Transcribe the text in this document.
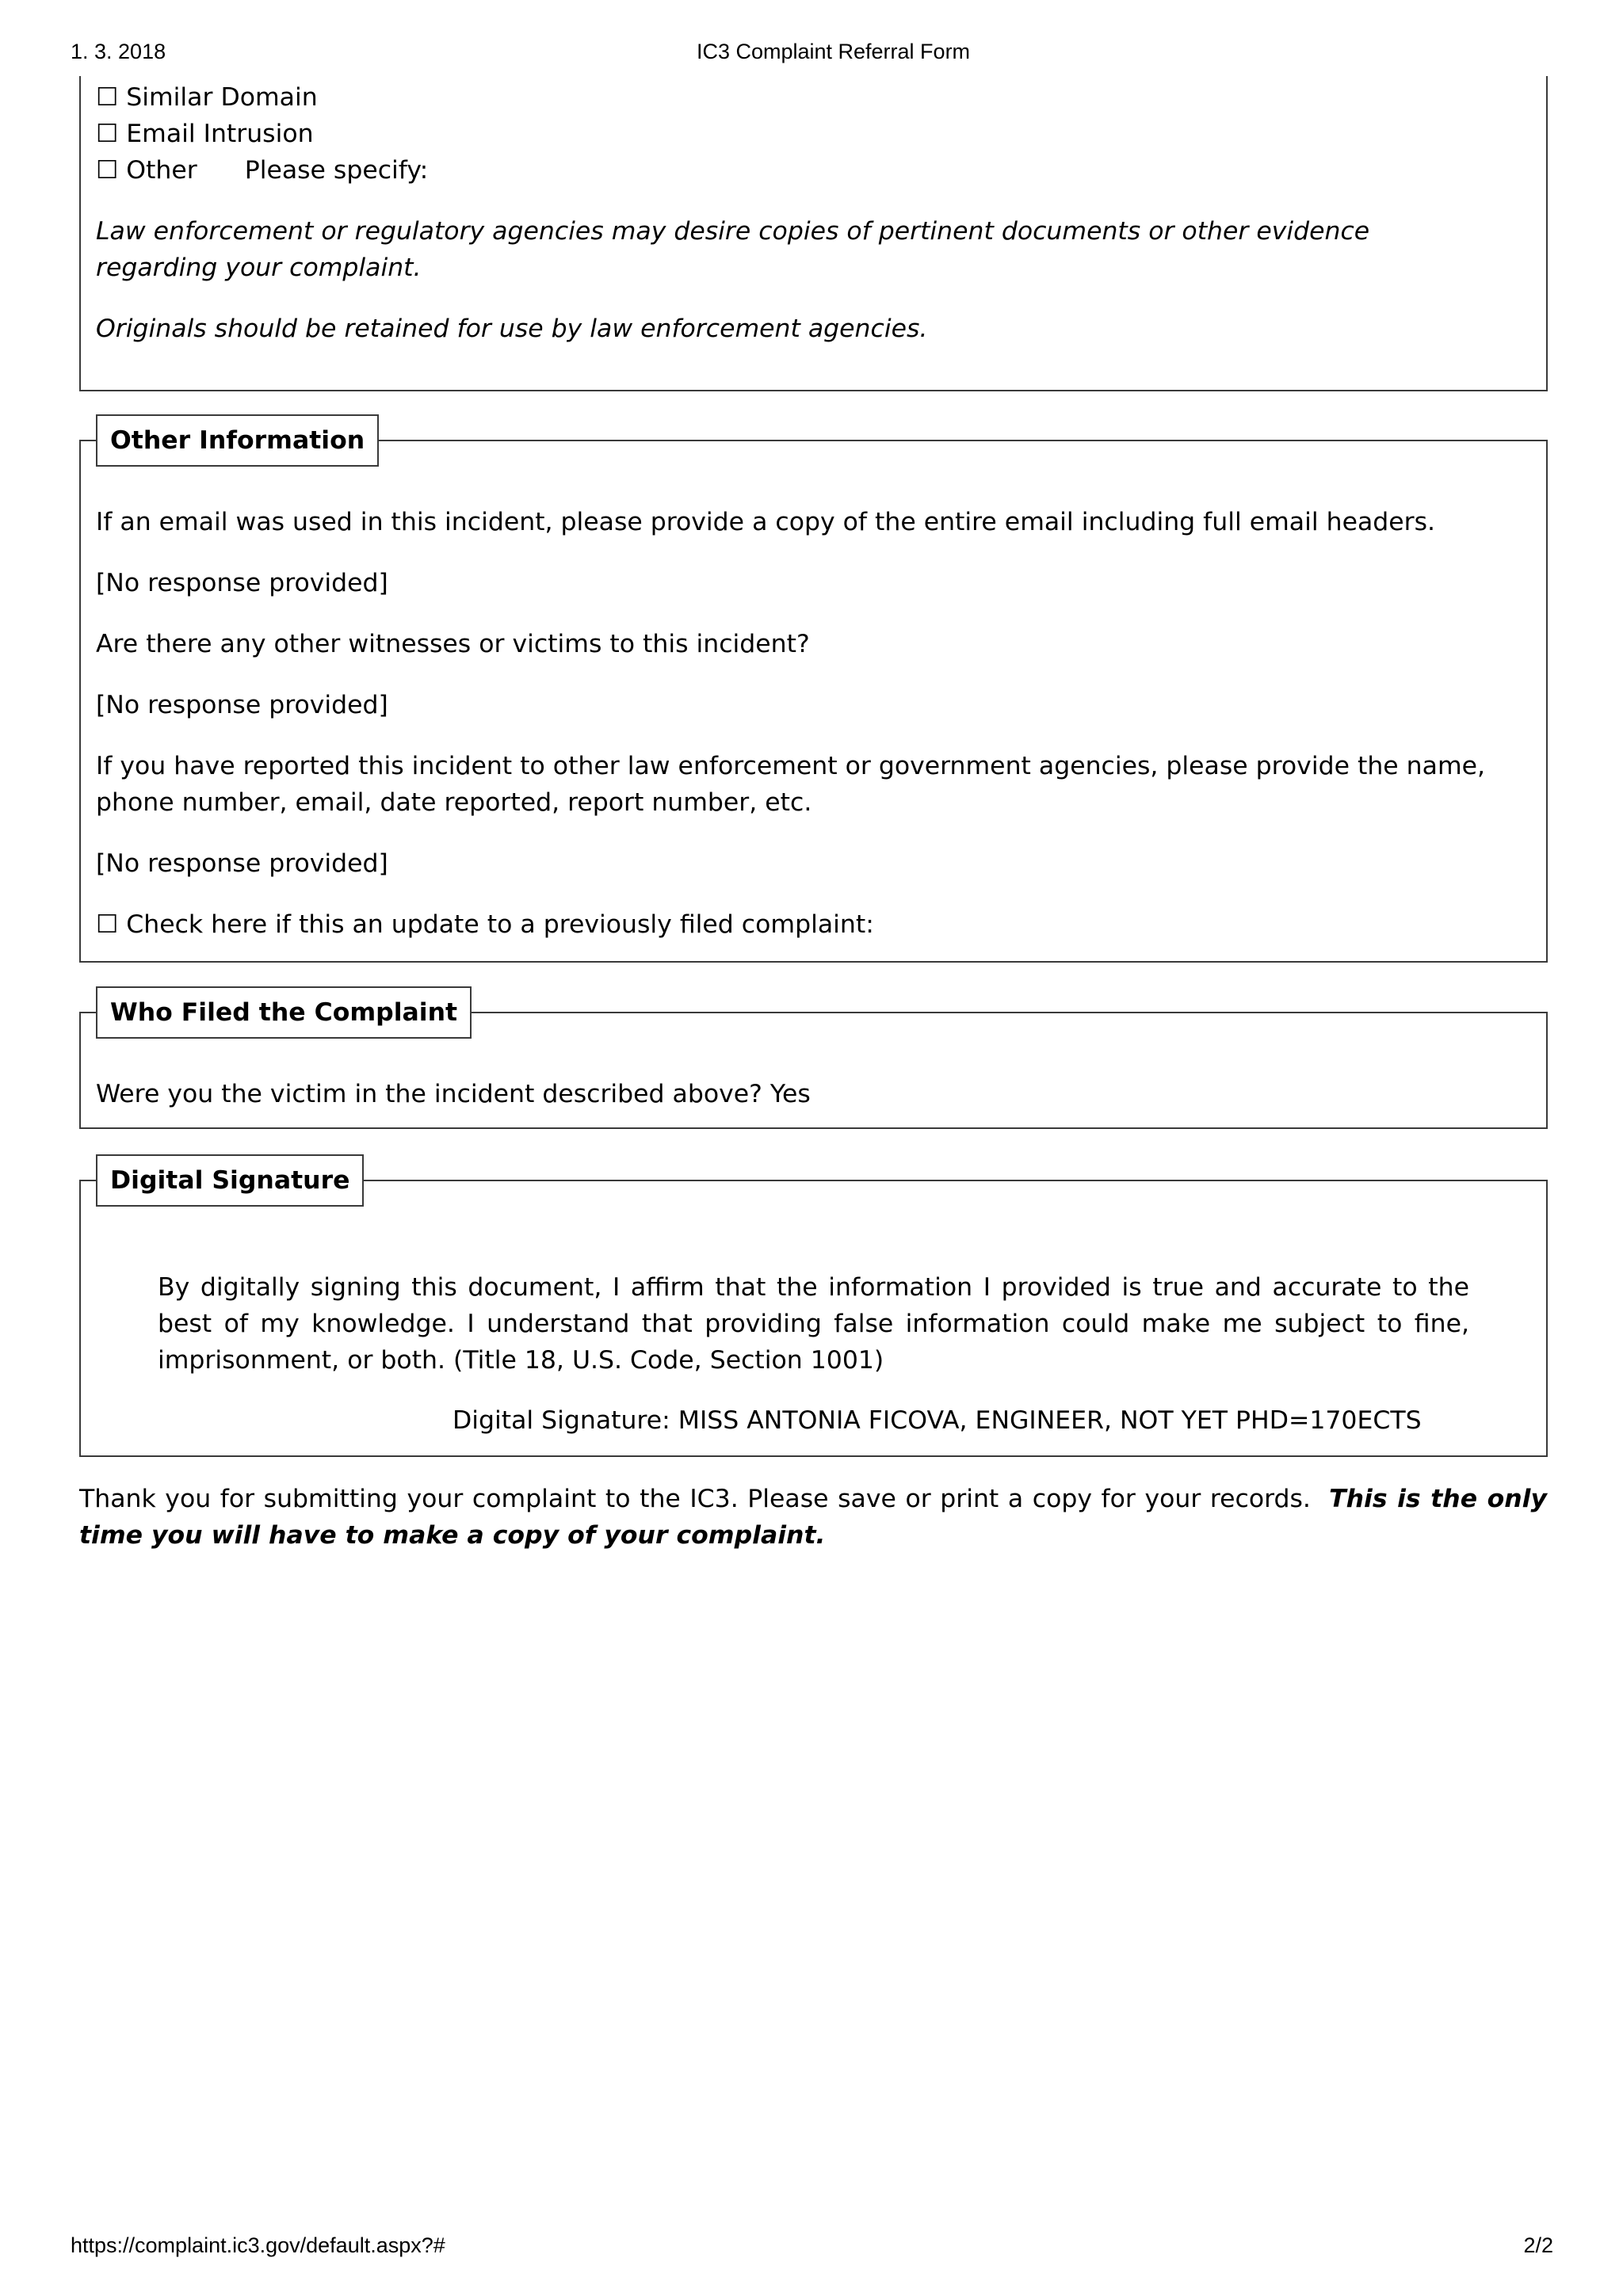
1. 3. 2018	IC3 Complaint Referral Form
☐ Similar Domain
☐ Email Intrusion
☐ Other Please specify:
Law enforcement or regulatory agencies may desire copies of pertinent documents or other evidence regarding your complaint.
Originals should be retained for use by law enforcement agencies.
Other Information
If an email was used in this incident, please provide a copy of the entire email including full email headers.
[No response provided]
Are there any other witnesses or victims to this incident?
[No response provided]
If you have reported this incident to other law enforcement or government agencies, please provide the name, phone number, email, date reported, report number, etc.
[No response provided]
☐ Check here if this an update to a previously filed complaint:
Who Filed the Complaint
Were you the victim in the incident described above? Yes
Digital Signature
By digitally signing this document, I affirm that the information I provided is true and accurate to the best of my knowledge. I understand that providing false information could make me subject to fine, imprisonment, or both. (Title 18, U.S. Code, Section 1001)
Digital Signature: MISS ANTONIA FICOVA, ENGINEER, NOT YET PHD=170ECTS
Thank you for submitting your complaint to the IC3. Please save or print a copy for your records. This is the only time you will have to make a copy of your complaint.
https://complaint.ic3.gov/default.aspx?#	2/2
